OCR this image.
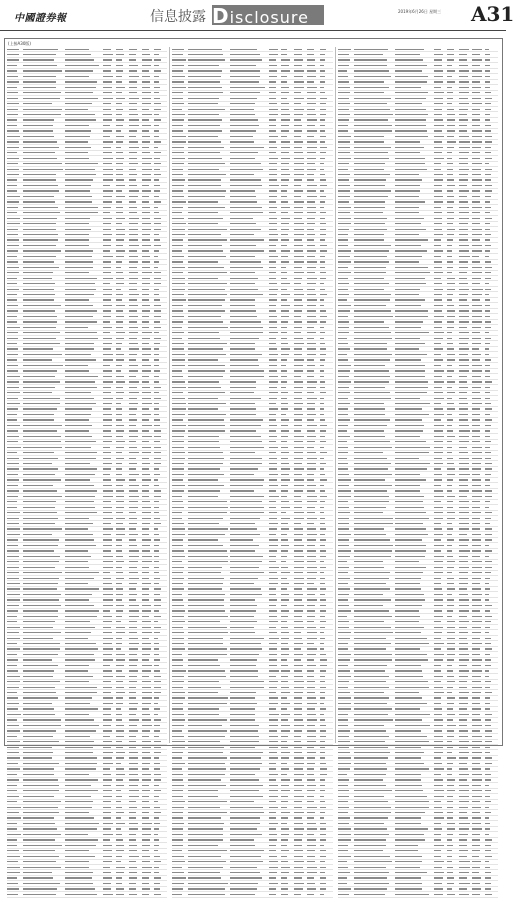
中國證券報	信息披露 Disclosure	2019年6月26日 星期三 A31
(上接A30版)
